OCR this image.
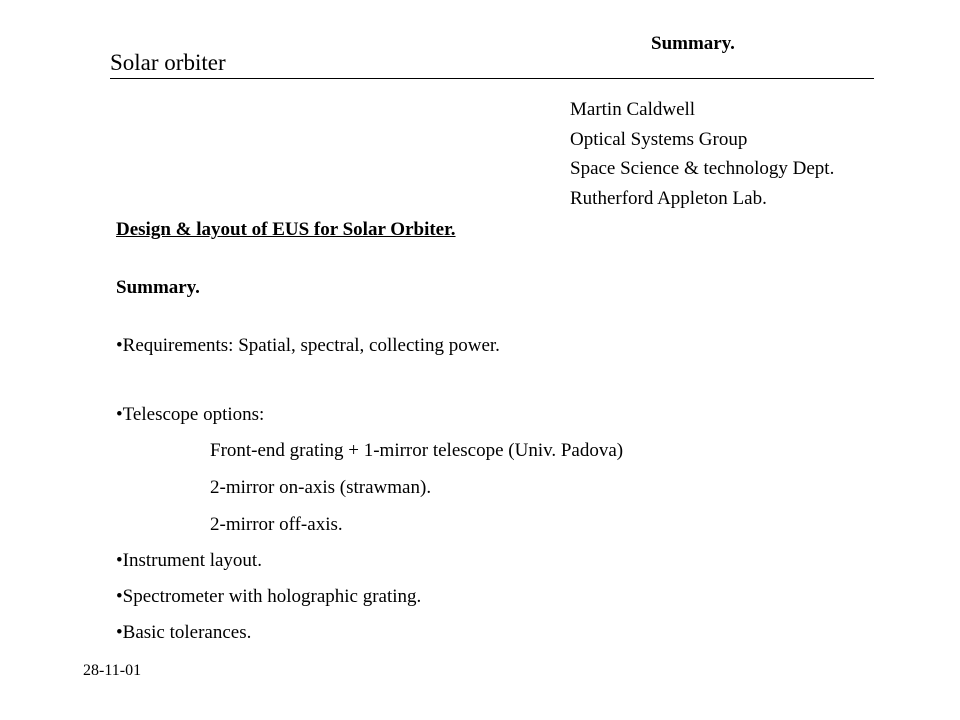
Summary.
Solar orbiter
Martin Caldwell
Optical Systems Group
Space Science & technology Dept.
Rutherford Appleton Lab.
Design & layout of EUS for Solar Orbiter.
Summary.
•Requirements: Spatial, spectral, collecting power.
•Telescope options:
Front-end grating + 1-mirror telescope (Univ. Padova)
2-mirror on-axis (strawman).
2-mirror off-axis.
•Instrument layout.
•Spectrometer with holographic grating.
•Basic tolerances.
28-11-01
